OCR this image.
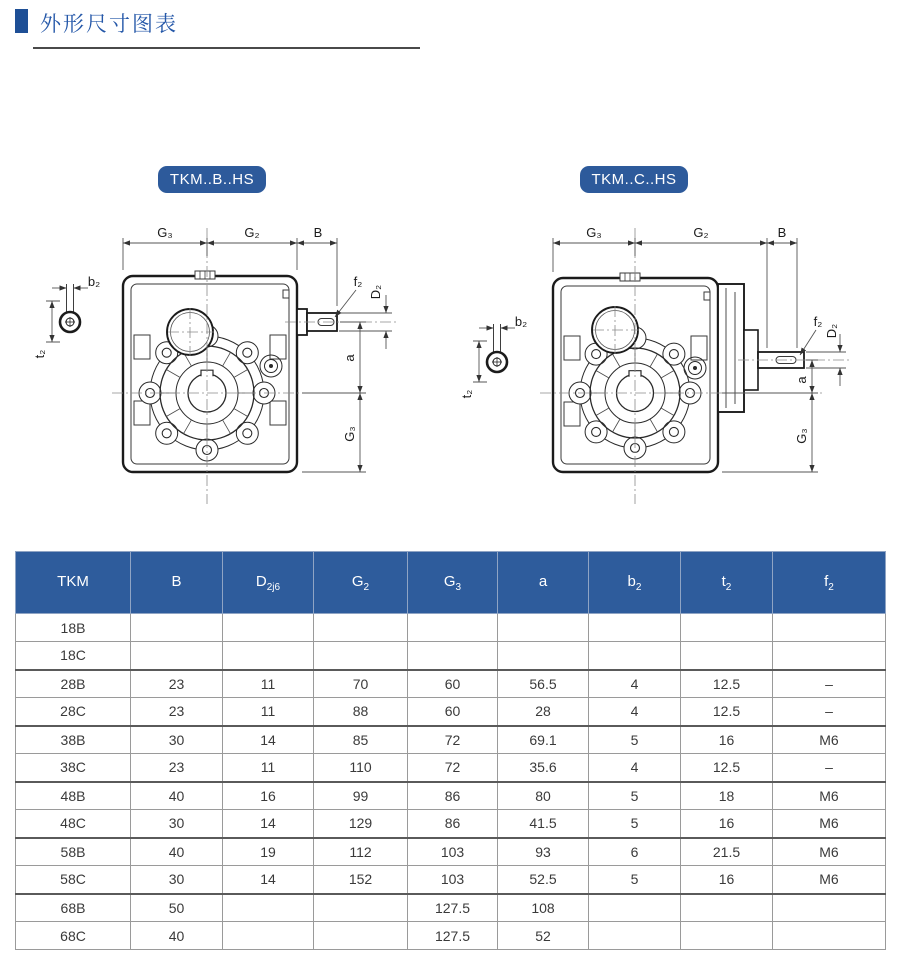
外形尺寸图表
TKM..B..HS	TKM..C..HS
G₃	G₂	B
b₂
t₂
f₂
D₂
a
G₃
G₃	G₂	B
b₂
t₂
f₂
D₂
a
G₃
TKM	B	$D_{2j6}$	$G_2$	$G_3$	a	$b_2$	$t_2$	$f_2$
18B								
18C								
28B	23	11	70	60	56.5	4	12.5	–
28C	23	11	88	60	28	4	12.5	–
38B	30	14	85	72	69.1	5	16	M6
38C	23	11	110	72	35.6	4	12.5	–
48B	40	16	99	86	80	5	18	M6
48C	30	14	129	86	41.5	5	16	M6
58B	40	19	112	103	93	6	21.5	M6
58C	30	14	152	103	52.5	5	16	M6
68B	50			127.5	108			
68C	40			127.5	52			
